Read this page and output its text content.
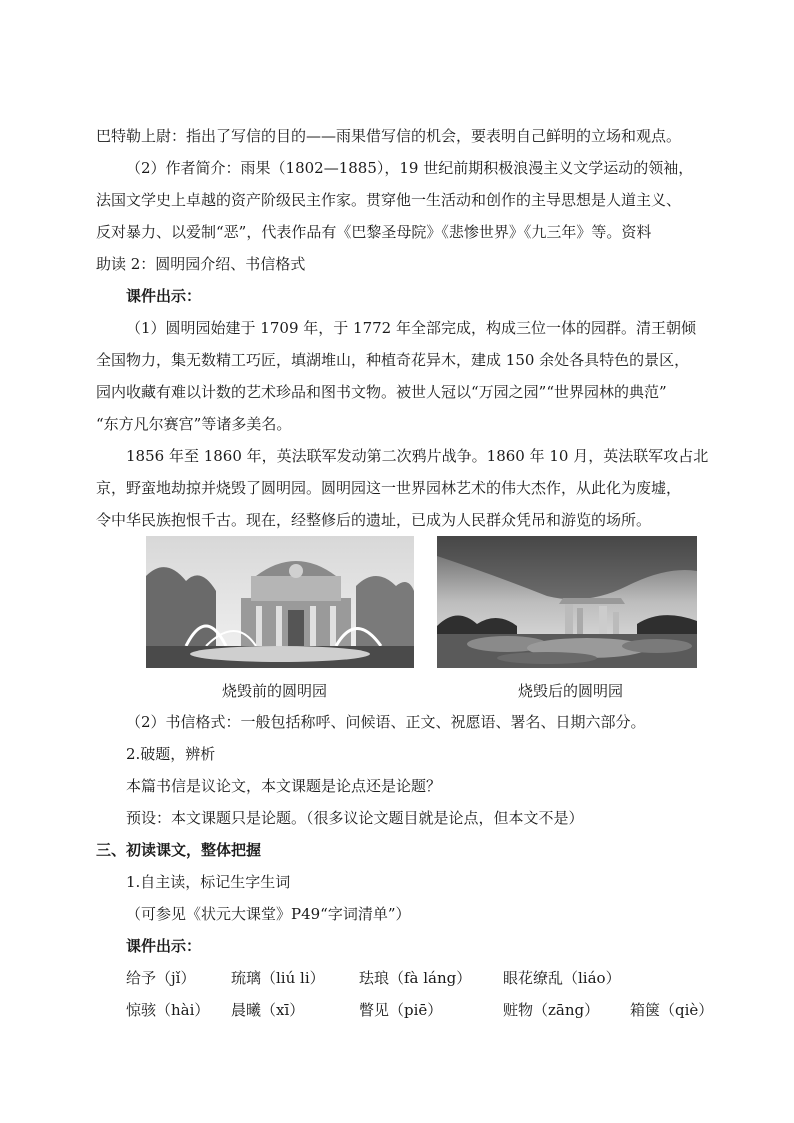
巴特勒上尉：指出了写信的目的——雨果借写信的机会，要表明自己鲜明的立场和观点。
（2）作者简介：雨果（1802—1885），19 世纪前期积极浪漫主义文学运动的领袖，
法国文学史上卓越的资产阶级民主作家。贯穿他一生活动和创作的主导思想是人道主义、
反对暴力、以爱制“恶”，代表作品有《巴黎圣母院》《悲惨世界》《九三年》等。资料
助读 2：圆明园介绍、书信格式
课件出示：
（1）圆明园始建于 1709 年，于 1772 年全部完成，构成三位一体的园群。清王朝倾
全国物力，集无数精工巧匠，填湖堆山，种植奇花异木，建成 150 余处各具特色的景区，
园内收藏有难以计数的艺术珍品和图书文物。被世人冠以“万园之园”“世界园林的典范”
“东方凡尔赛宫”等诸多美名。
1856 年至 1860 年，英法联军发动第二次鸦片战争。1860 年 10 月，英法联军攻占北
京，野蛮地劫掠并烧毁了圆明园。圆明园这一世界园林艺术的伟大杰作，从此化为废墟，
令中华民族抱恨千古。现在，经整修后的遗址，已成为人民群众凭吊和游览的场所。
烧毁前的圆明园	烧毁后的圆明园
（2）书信格式：一般包括称呼、问候语、正文、祝愿语、署名、日期六部分。
2.破题，辨析
本篇书信是议论文，本文课题是论点还是论题？
预设：本文课题只是论题。（很多议论文题目就是论点，但本文不是）
三、初读课文，整体把握
1.自主读，标记生字生词
（可参见《状元大课堂》P49“字词清单”）
课件出示：
给予（jǐ） 琉璃（liú li） 珐琅（fà láng） 眼花缭乱（liáo）
惊骇（hài） 晨曦（xī）	瞥见（piē）	赃物（zāng） 箱箧（qiè）
